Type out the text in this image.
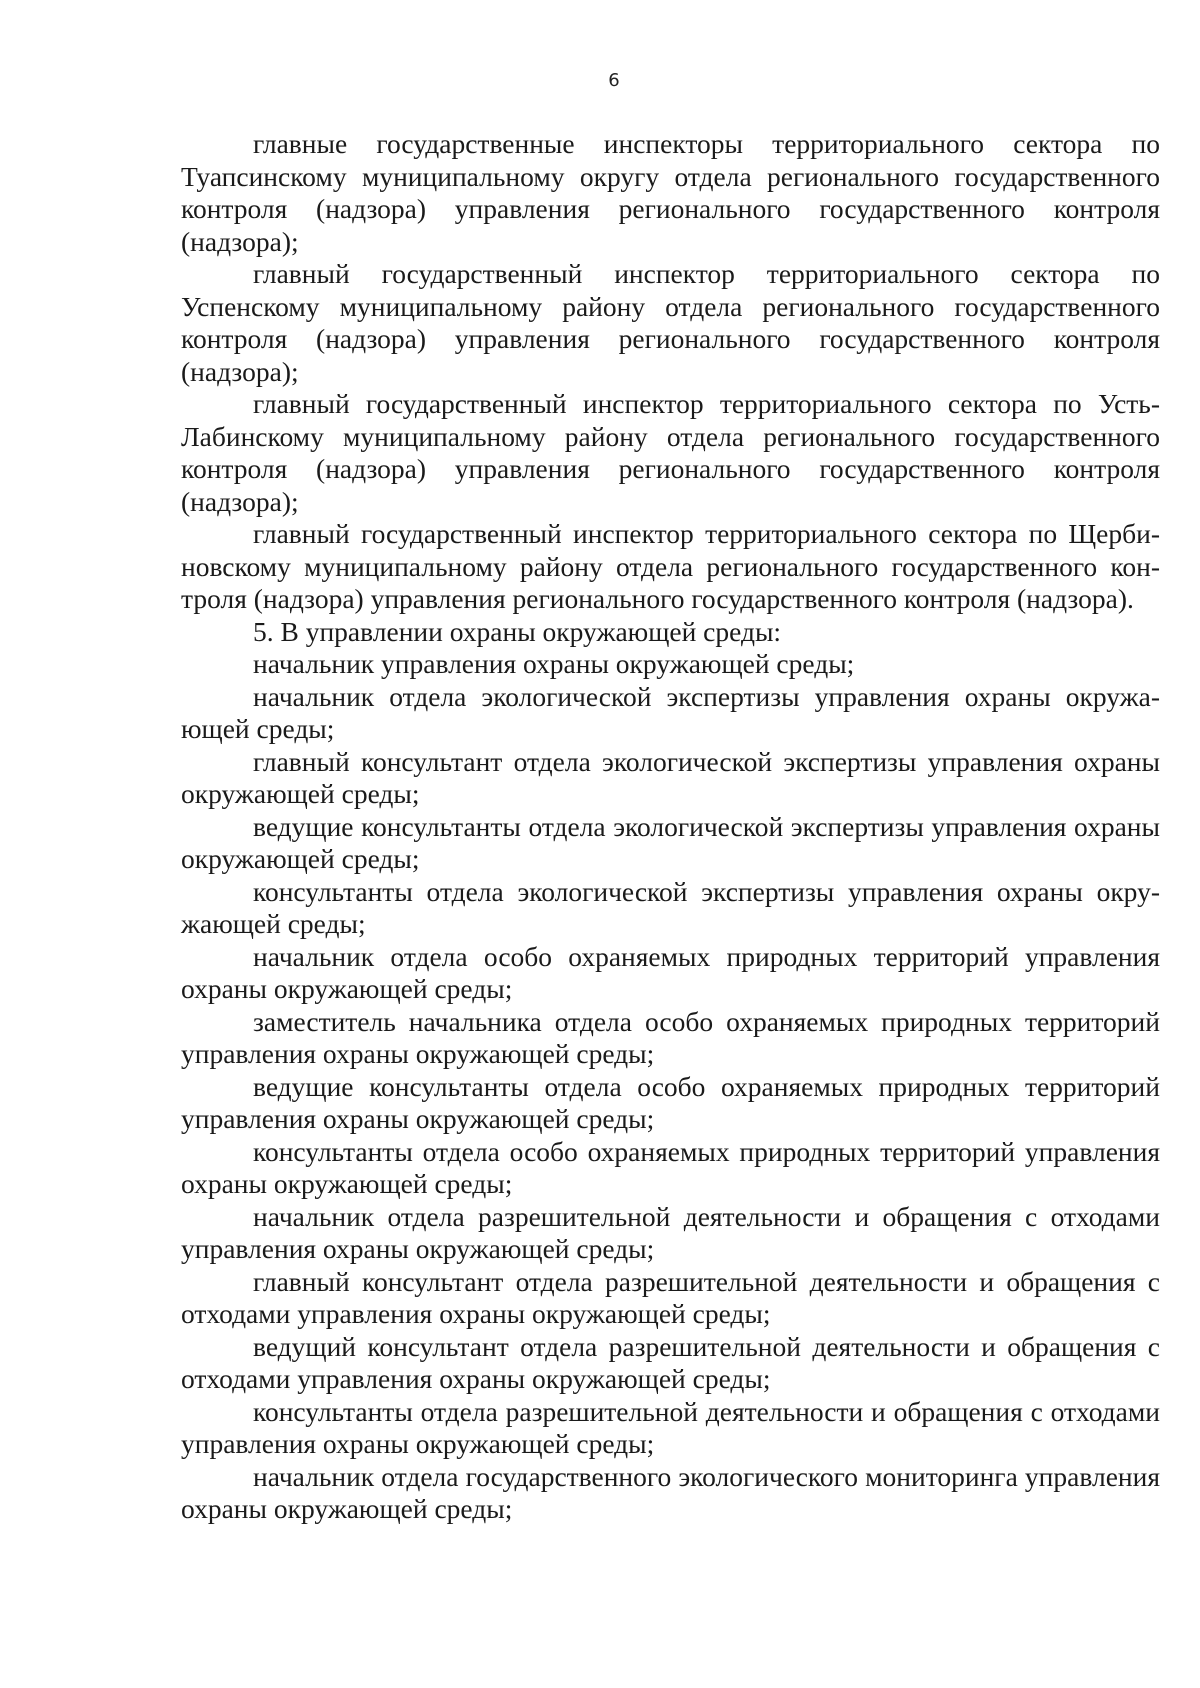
6

главные государственные инспекторы территориального сектора по Туапсинскому муниципальному округу отдела регионального государственного контроля (надзора) управления регионального государственного контроля (надзора);

главный государственный инспектор территориального сектора по Успенскому муниципальному району отдела регионального государственного контроля (надзора) управления регионального государственного контроля (надзора);

главный государственный инспектор территориального сектора по Усть-Лабинскому муниципальному району отдела регионального государственного контроля (надзора) управления регионального государственного контроля (надзора);

главный государственный инспектор территориального сектора по Щербиновскому муниципальному району отдела регионального государственного контроля (надзора) управления регионального государственного контроля (надзора).

5. В управлении охраны окружающей среды:

начальник управления охраны окружающей среды;

начальник отдела экологической экспертизы управления охраны окружающей среды;

главный консультант отдела экологической экспертизы управления охраны окружающей среды;

ведущие консультанты отдела экологической экспертизы управления охраны окружающей среды;

консультанты отдела экологической экспертизы управления охраны окружающей среды;

начальник отдела особо охраняемых природных территорий управления охраны окружающей среды;

заместитель начальника отдела особо охраняемых природных территорий управления охраны окружающей среды;

ведущие консультанты отдела особо охраняемых природных территорий управления охраны окружающей среды;

консультанты отдела особо охраняемых природных территорий управления охраны окружающей среды;

начальник отдела разрешительной деятельности и обращения с отходами управления охраны окружающей среды;

главный консультант отдела разрешительной деятельности и обращения с отходами управления охраны окружающей среды;

ведущий консультант отдела разрешительной деятельности и обращения с отходами управления охраны окружающей среды;

консультанты отдела разрешительной деятельности и обращения с отходами управления охраны окружающей среды;

начальник отдела государственного экологического мониторинга управления охраны окружающей среды;
